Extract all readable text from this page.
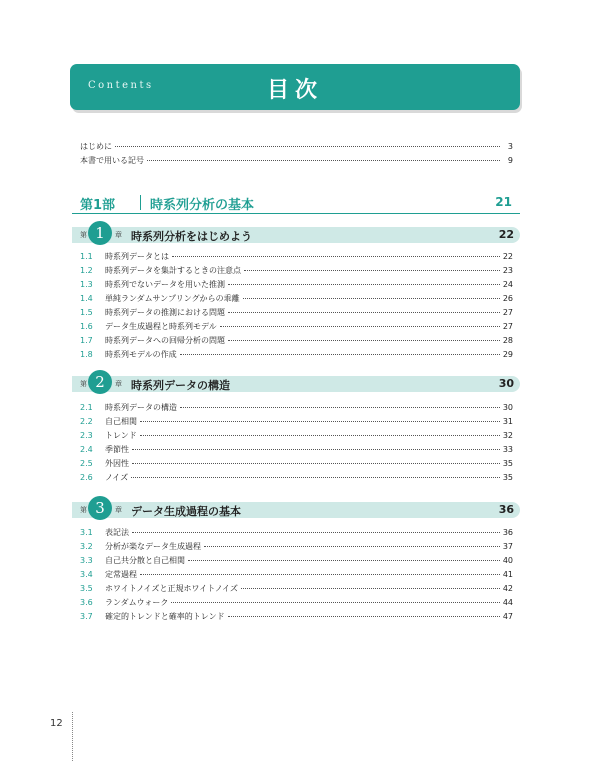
Contents	目次
はじめに	3
本書で用いる記号	9
第1部	時系列分析の基本	21
第 1	章 時系列分析をはじめよう	22
1.1	時系列データとは	22
1.2	時系列データを集計するときの注意点	23
1.3	時系列でないデータを用いた推測	24
1.4	単純ランダムサンプリングからの乖離	26
1.5	時系列データの推測における問題	27
1.6	データ生成過程と時系列モデル	27
1.7	時系列データへの回帰分析の問題	28
1.8	時系列モデルの作成	29
第 2	章 時系列データの構造	30
2.1	時系列データの構造	30
2.2	自己相関	31
2.3	トレンド	32
2.4	季節性	33
2.5	外因性	35
2.6	ノイズ	35
第 3	章 データ生成過程の基本	36
3.1	表記法	36
3.2	分析が楽なデータ生成過程	37
3.3	自己共分散と自己相関	40
3.4	定常過程	41
3.5	ホワイトノイズと正規ホワイトノイズ	42
3.6	ランダムウォーク	44
3.7	確定的トレンドと確率的トレンド	47
12
